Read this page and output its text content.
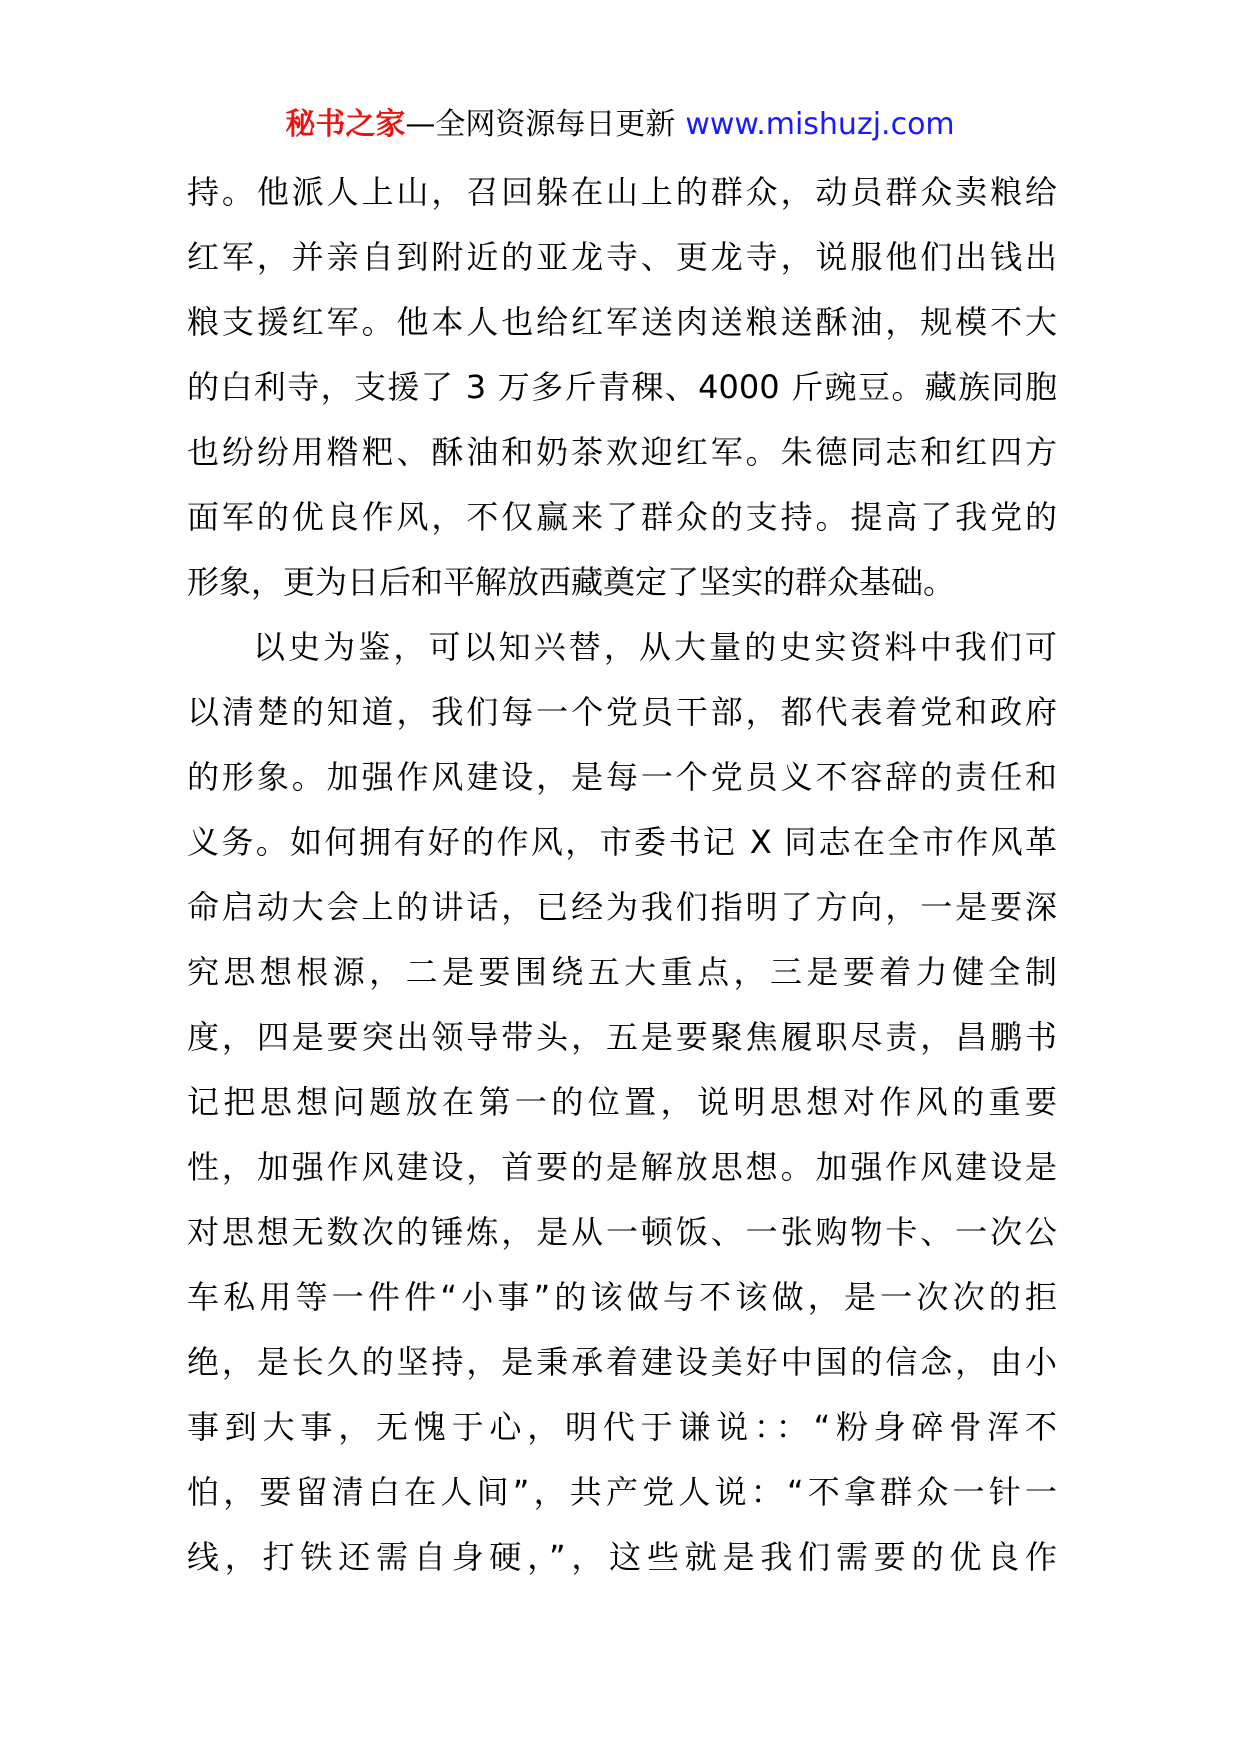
秘书之家—全网资源每日更新 www.mishuzj.com
持。他派人上山，召回躲在山上的群众，动员群众卖粮给
红军，并亲自到附近的亚龙寺、更龙寺，说服他们出钱出
粮支援红军。他本人也给红军送肉送粮送酥油，规模不大
的白利寺，支援了 3 万多斤青稞、4000 斤豌豆。藏族同胞
也纷纷用糌粑、酥油和奶茶欢迎红军。朱德同志和红四方
面军的优良作风，不仅赢来了群众的支持。提高了我党的
形象，更为日后和平解放西藏奠定了坚实的群众基础。
以史为鉴，可以知兴替，从大量的史实资料中我们可
以清楚的知道，我们每一个党员干部，都代表着党和政府
的形象。加强作风建设，是每一个党员义不容辞的责任和
义务。如何拥有好的作风，市委书记 X 同志在全市作风革
命启动大会上的讲话，已经为我们指明了方向，一是要深
究思想根源，二是要围绕五大重点，三是要着力健全制
度，四是要突出领导带头，五是要聚焦履职尽责，昌鹏书
记把思想问题放在第一的位置，说明思想对作风的重要
性，加强作风建设，首要的是解放思想。加强作风建设是
对思想无数次的锤炼，是从一顿饭、一张购物卡、一次公
车私用等一件件“小事”的该做与不该做，是一次次的拒
绝，是长久的坚持，是秉承着建设美好中国的信念，由小
事到大事，无愧于心，明代于谦说：：“粉身碎骨浑不
怕，要留清白在人间”，共产党人说：“不拿群众一针一
线，打铁还需自身硬，”，这些就是我们需要的优良作
